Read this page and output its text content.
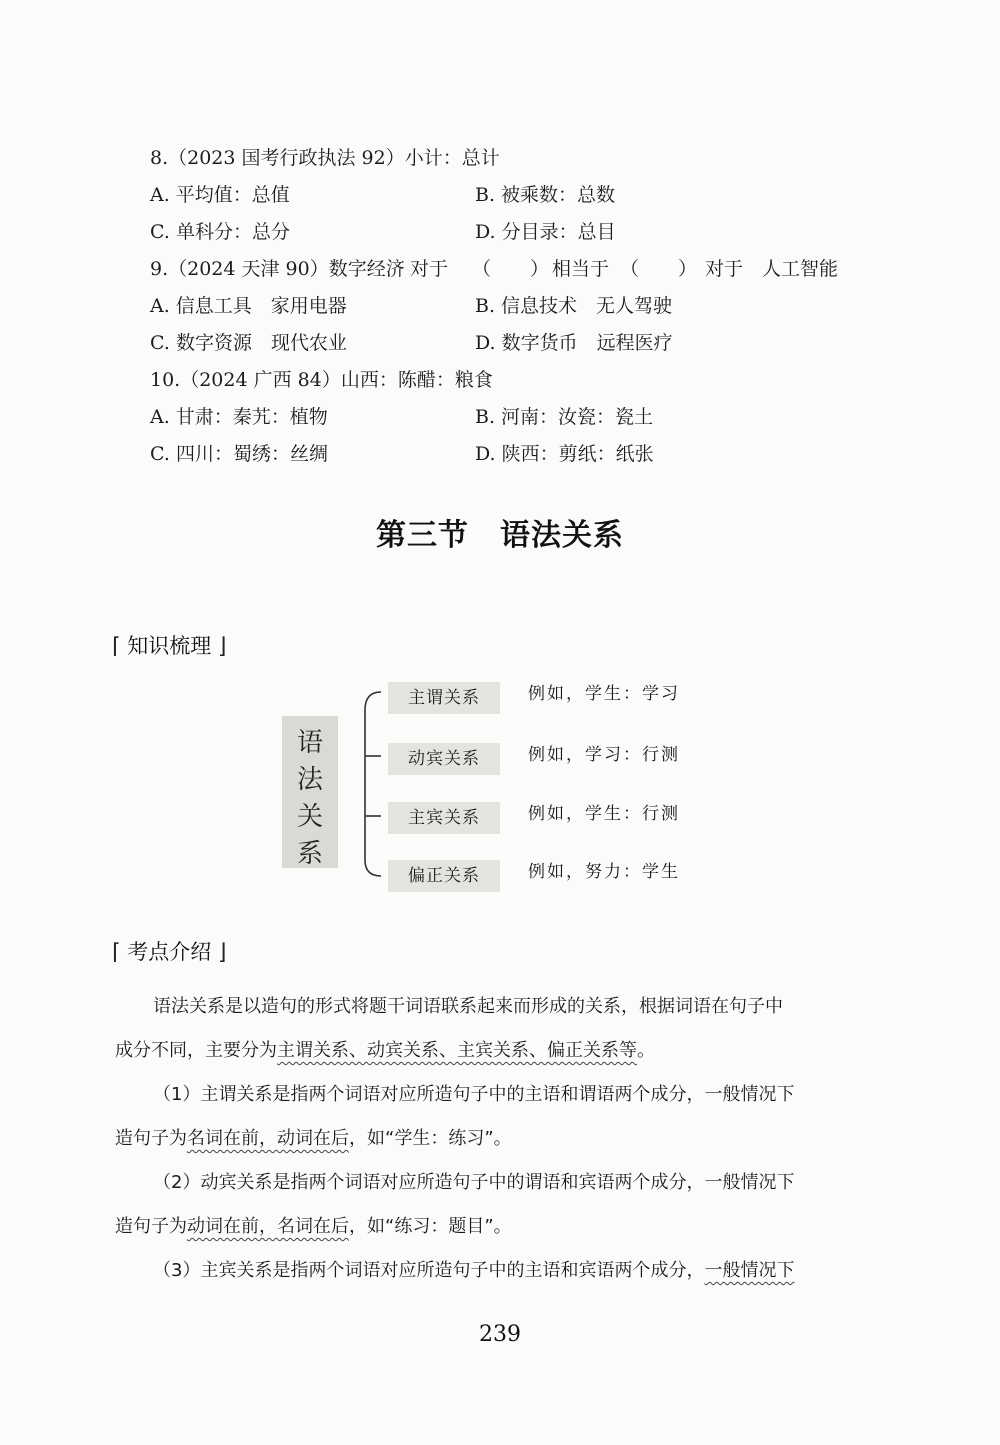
8.（2023 国考行政执法 92）小计：总计
A. 平均值：总值	B. 被乘数：总数
C. 单科分：总分	D. 分目录：总目
9.（2024 天津 90）数字经济 对于 （ ） 相当于 （ ） 对于 人工智能
A. 信息工具　家用电器	B. 信息技术　无人驾驶
C. 数字资源　现代农业	D. 数字货币　远程医疗
10.（2024 广西 84）山西：陈醋：粮食
A. 甘肃：秦艽：植物	B. 河南：汝瓷：瓷土
C. 四川：蜀绣：丝绸	D. 陕西：剪纸：纸张
第三节　语法关系
⌈ 知识梳理 ⌋
语
法
关
系
主谓关系	例如，学生：学习
动宾关系	例如，学习：行测
主宾关系	例如，学生：行测
偏正关系	例如，努力：学生
⌈ 考点介绍 ⌋
语法关系是以造句的形式将题干词语联系起来而形成的关系，根据词语在句子中
成分不同，主要分为主谓关系、动宾关系、主宾关系、偏正关系等。
（1）主谓关系是指两个词语对应所造句子中的主语和谓语两个成分，一般情况下
造句子为名词在前，动词在后，如“学生：练习”。
（2）动宾关系是指两个词语对应所造句子中的谓语和宾语两个成分，一般情况下
造句子为动词在前，名词在后，如“练习：题目”。
（3）主宾关系是指两个词语对应所造句子中的主语和宾语两个成分，一般情况下
239
